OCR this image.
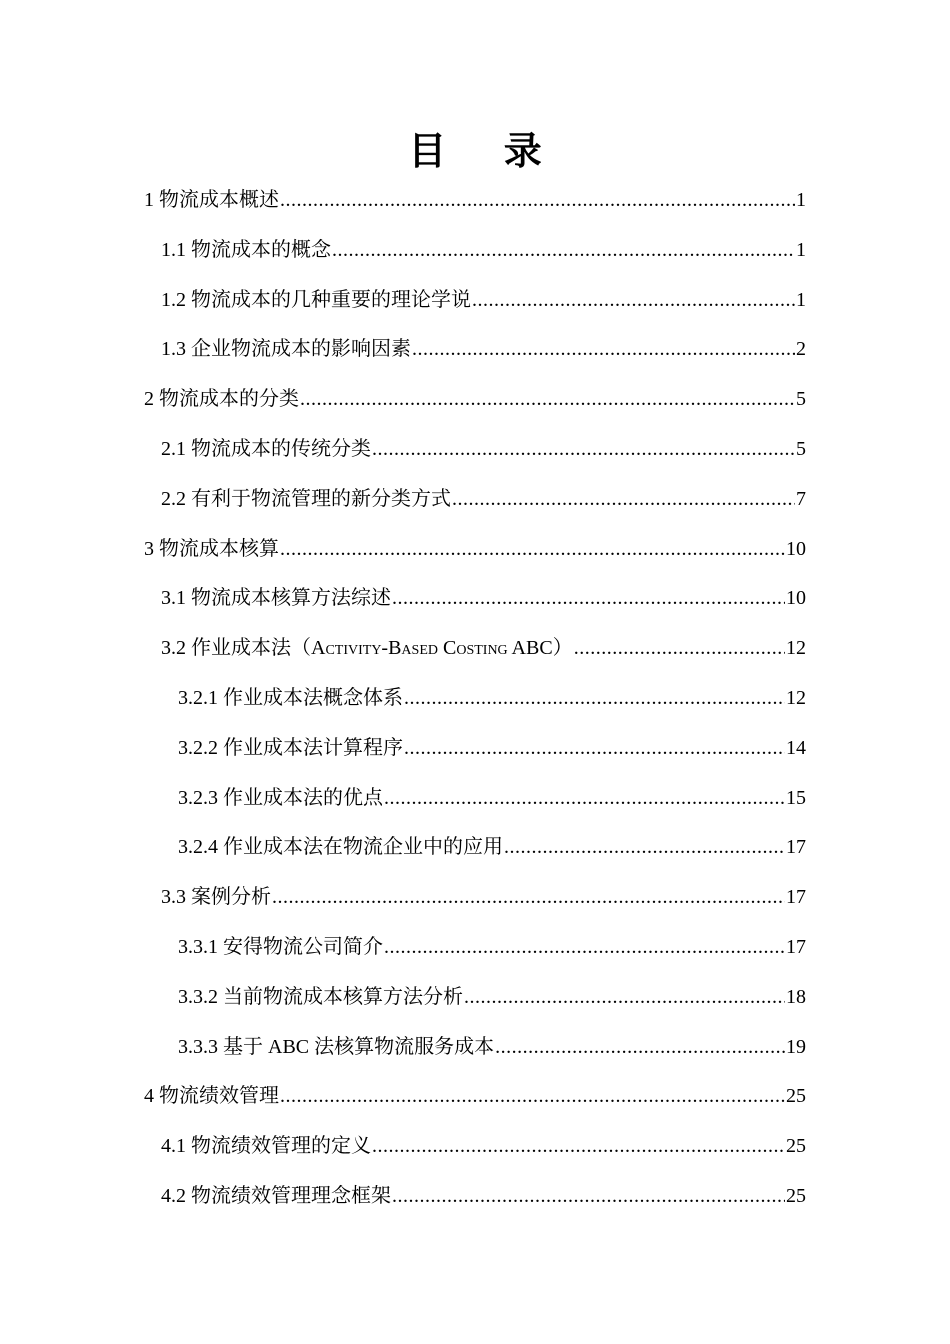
目 录
1 物流成本概述 .....	1
1.1 物流成本的概念 .....	1
1.2 物流成本的几种重要的理论学说 .....	1
1.3 企业物流成本的影响因素 .....	2
2 物流成本的分类 .....	5
2.1 物流成本的传统分类 .....	5
2.2 有利于物流管理的新分类方式 .....	7
3 物流成本核算 .....	10
3.1 物流成本核算方法综述 .....	10
3.2 作业成本法（Activity-Based Costing ABC） .....	12
3.2.1 作业成本法概念体系 .....	12
3.2.2 作业成本法计算程序 .....	14
3.2.3 作业成本法的优点 .....	15
3.2.4 作业成本法在物流企业中的应用 .....	17
3.3 案例分析 .....	17
3.3.1 安得物流公司简介 .....	17
3.3.2 当前物流成本核算方法分析 .....	18
3.3.3 基于 ABC 法核算物流服务成本 .....	19
4 物流绩效管理 .....	25
4.1 物流绩效管理的定义 .....	25
4.2 物流绩效管理理念框架 .....	25
